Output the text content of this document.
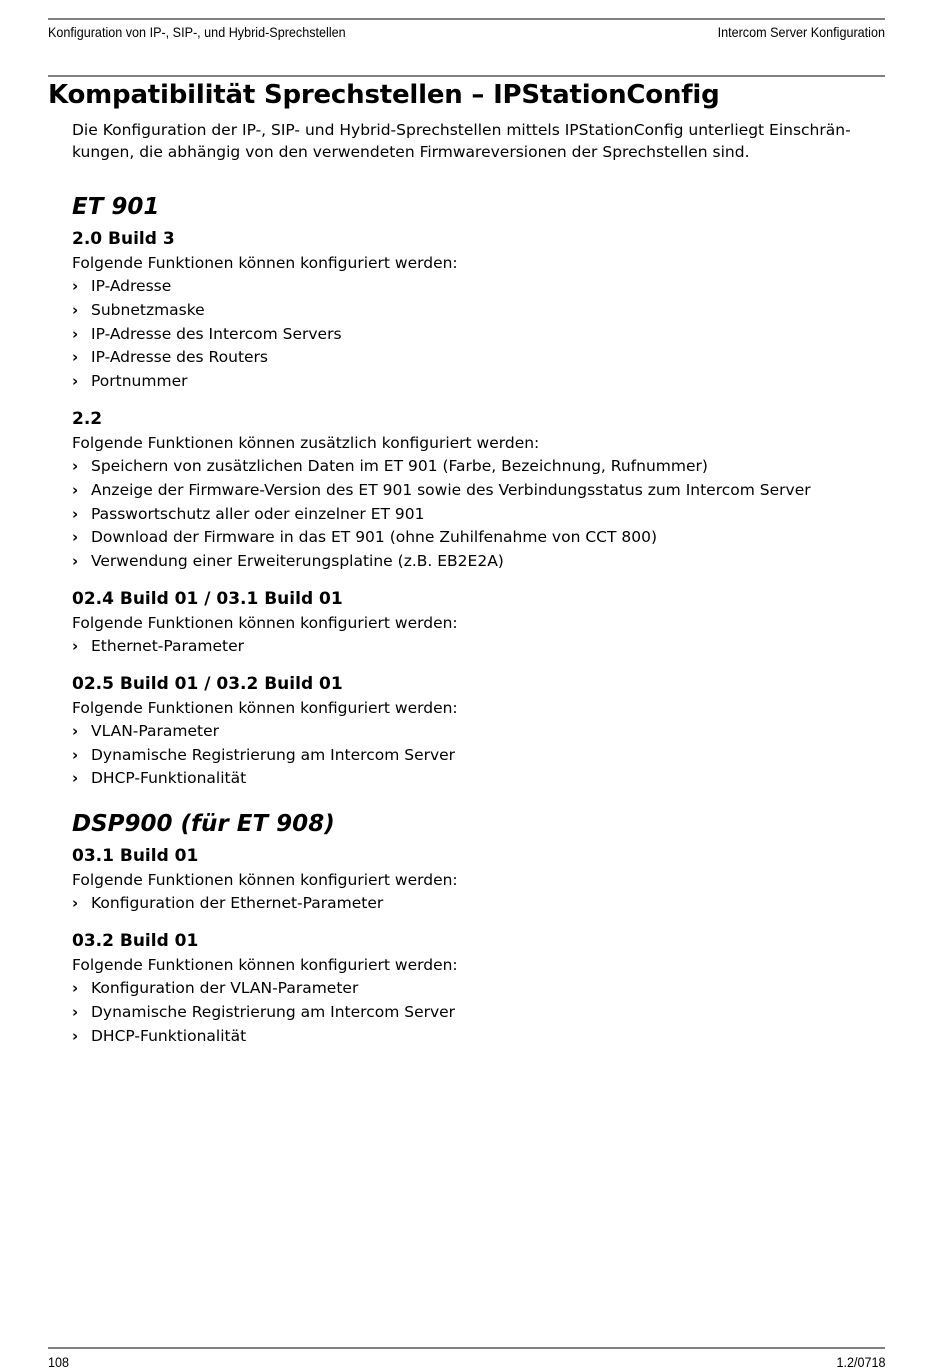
Konfiguration von IP-, SIP-, und Hybrid-Sprechstellen	Intercom Server Konfiguration
Kompatibilität Sprechstellen – IPStationConfig

Die Konfiguration der IP-, SIP- und Hybrid-Sprechstellen mittels IPStationConfig unterliegt Einschrän-
kungen, die abhängig von den verwendeten Firmwareversionen der Sprechstellen sind.

ET 901
2.0 Build 3

Folgende Funktionen können konfiguriert werden:

› IP-Adresse
› Subnetzmaske
› IP-Adresse des Intercom Servers
› IP-Adresse des Routers
› Portnummer
2.2

Folgende Funktionen können zusätzlich konfiguriert werden:

› Speichern von zusätzlichen Daten im ET 901 (Farbe, Bezeichnung, Rufnummer)
› Anzeige der Firmware-Version des ET 901 sowie des Verbindungsstatus zum Intercom Server
› Passwortschutz aller oder einzelner ET 901
› Download der Firmware in das ET 901 (ohne Zuhilfenahme von CCT 800)
› Verwendung einer Erweiterungsplatine (z.B. EB2E2A)
02.4 Build 01 / 03.1 Build 01

Folgende Funktionen können konfiguriert werden:

› Ethernet-Parameter
02.5 Build 01 / 03.2 Build 01

Folgende Funktionen können konfiguriert werden:

› VLAN-Parameter
› Dynamische Registrierung am Intercom Server
› DHCP-Funktionalität
DSP900 (für ET 908)
03.1 Build 01

Folgende Funktionen können konfiguriert werden:

› Konfiguration der Ethernet-Parameter
03.2 Build 01

Folgende Funktionen können konfiguriert werden:

› Konfiguration der VLAN-Parameter
› Dynamische Registrierung am Intercom Server
› DHCP-Funktionalität
108	1.2/0718
